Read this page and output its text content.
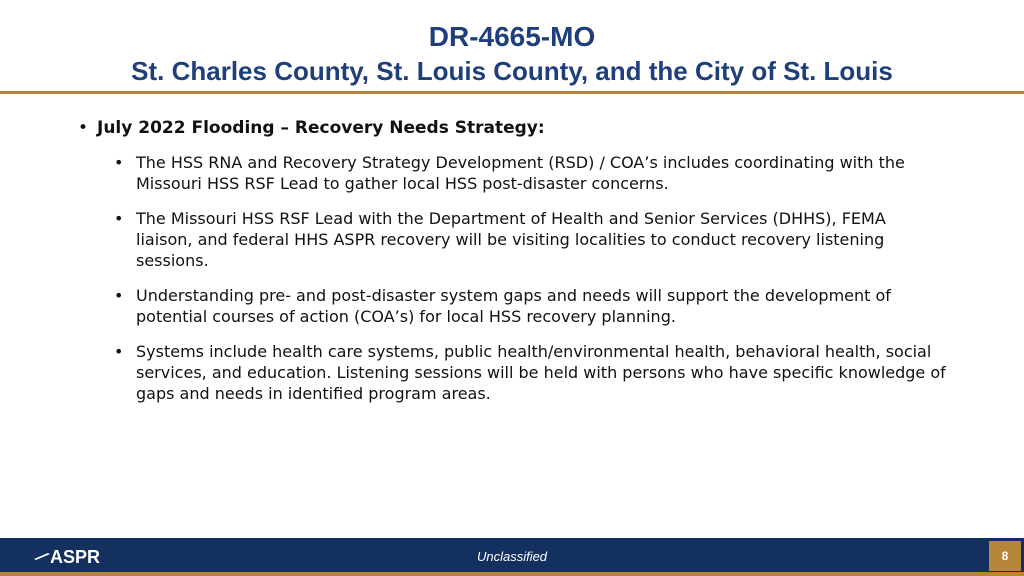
DR-4665-MO
St. Charles County, St. Louis County, and the City of St. Louis
• July 2022 Flooding – Recovery Needs Strategy:
• The HSS RNA and Recovery Strategy Development (RSD) / COA’s includes coordinating with the Missouri HSS RSF Lead to gather local HSS post-disaster concerns.
• The Missouri HSS RSF Lead with the Department of Health and Senior Services (DHHS), FEMA liaison, and federal HHS ASPR recovery will be visiting localities to conduct recovery listening sessions.
• Understanding pre- and post-disaster system gaps and needs will support the development of potential courses of action (COA’s) for local HSS recovery planning.
• Systems include health care systems, public health/environmental health, behavioral health, social services, and education. Listening sessions will be held with persons who have specific knowledge of gaps and needs in identified program areas.
ASPR	Unclassified	8
